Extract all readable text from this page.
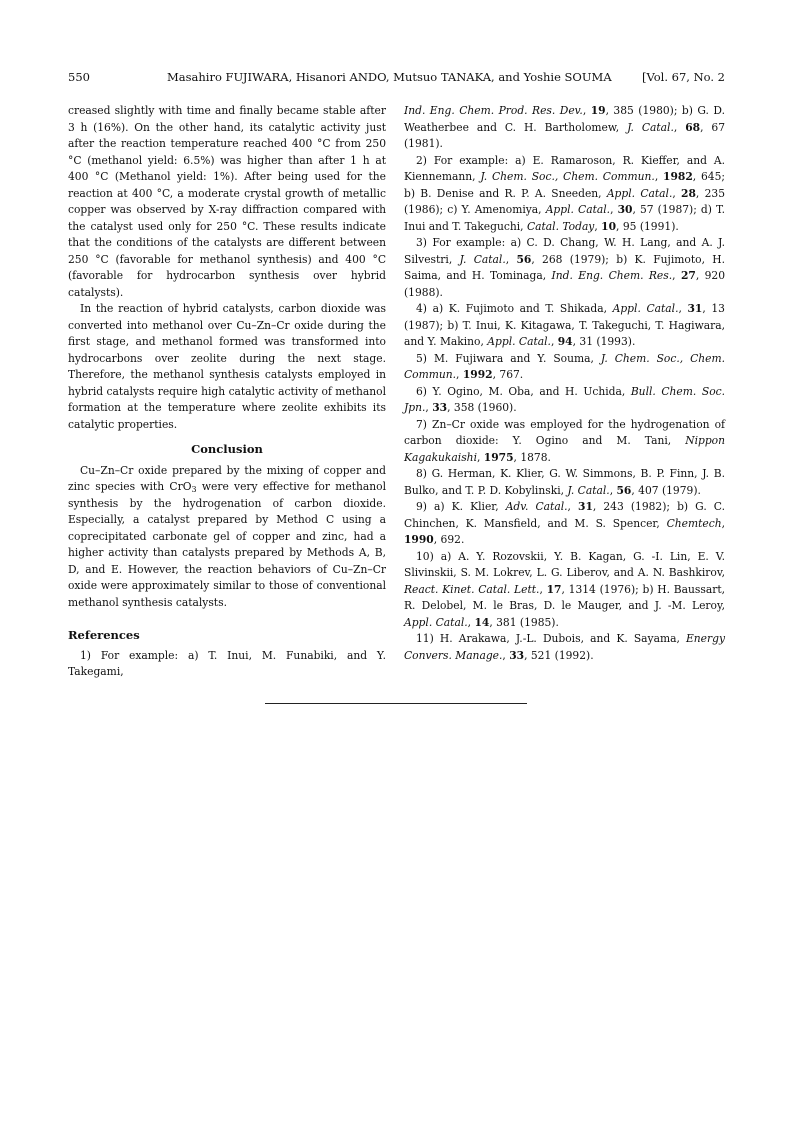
550	Masahiro FUJIWARA, Hisanori ANDO, Mutsuo TANAKA, and Yoshie SOUMA	[Vol. 67, No. 2

creased slightly with time and finally became stable after 3 h (16%). On the other hand, its catalytic activity just after the reaction temperature reached 400 °C from 250 °C (methanol yield: 6.5%) was higher than after 1 h at 400 °C (Methanol yield: 1%). After being used for the reaction at 400 °C, a moderate crystal growth of metallic copper was observed by X-ray diffraction compared with the catalyst used only for 250 °C. These results indicate that the conditions of the catalysts are different between 250 °C (favorable for methanol synthesis) and 400 °C (favorable for hydrocarbon synthesis over hybrid catalysts).

In the reaction of hybrid catalysts, carbon dioxide was converted into methanol over Cu–Zn–Cr oxide during the first stage, and methanol formed was transformed into hydrocarbons over zeolite during the next stage. Therefore, the methanol synthesis catalysts employed in hybrid catalysts require high catalytic activity of methanol formation at the temperature where zeolite exhibits its catalytic properties.

Conclusion

Cu–Zn–Cr oxide prepared by the mixing of copper and zinc species with CrO$_3$ were very effective for methanol synthesis by the hydrogenation of carbon dioxide. Especially, a catalyst prepared by Method C using a coprecipitated carbonate gel of copper and zinc, had a higher activity than catalysts prepared by Methods A, B, D, and E. However, the reaction behaviors of Cu–Zn–Cr oxide were approximately similar to those of conventional methanol synthesis catalysts.

References

1) For example: a) T. Inui, M. Funabiki, and Y. Takegami,

Ind. Eng. Chem. Prod. Res. Dev., 19, 385 (1980); b) G. D. Weatherbee and C. H. Bartholomew, J. Catal., 68, 67 (1981).

2) For example: a) E. Ramaroson, R. Kieffer, and A. Kiennemann, J. Chem. Soc., Chem. Commun., 1982, 645; b) B. Denise and R. P. A. Sneeden, Appl. Catal., 28, 235 (1986); c) Y. Amenomiya, Appl. Catal., 30, 57 (1987); d) T. Inui and T. Takeguchi, Catal. Today, 10, 95 (1991).

3) For example: a) C. D. Chang, W. H. Lang, and A. J. Silvestri, J. Catal., 56, 268 (1979); b) K. Fujimoto, H. Saima, and H. Tominaga, Ind. Eng. Chem. Res., 27, 920 (1988).

4) a) K. Fujimoto and T. Shikada, Appl. Catal., 31, 13 (1987); b) T. Inui, K. Kitagawa, T. Takeguchi, T. Hagiwara, and Y. Makino, Appl. Catal., 94, 31 (1993).

5) M. Fujiwara and Y. Souma, J. Chem. Soc., Chem. Commun., 1992, 767.

6) Y. Ogino, M. Oba, and H. Uchida, Bull. Chem. Soc. Jpn., 33, 358 (1960).

7) Zn–Cr oxide was employed for the hydrogenation of carbon dioxide: Y. Ogino and M. Tani, Nippon Kagakukaishi, 1975, 1878.

8) G. Herman, K. Klier, G. W. Simmons, B. P. Finn, J. B. Bulko, and T. P. D. Kobylinski, J. Catal., 56, 407 (1979).

9) a) K. Klier, Adv. Catal., 31, 243 (1982); b) G. C. Chinchen, K. Mansfield, and M. S. Spencer, Chemtech, 1990, 692.

10) a) A. Y. Rozovskii, Y. B. Kagan, G. -I. Lin, E. V. Slivinskii, S. M. Lokrev, L. G. Liberov, and A. N. Bashkirov, React. Kinet. Catal. Lett., 17, 1314 (1976); b) H. Baussart, R. Delobel, M. le Bras, D. le Mauger, and J. -M. Leroy, Appl. Catal., 14, 381 (1985).

11) H. Arakawa, J.-L. Dubois, and K. Sayama, Energy Convers. Manage., 33, 521 (1992).
